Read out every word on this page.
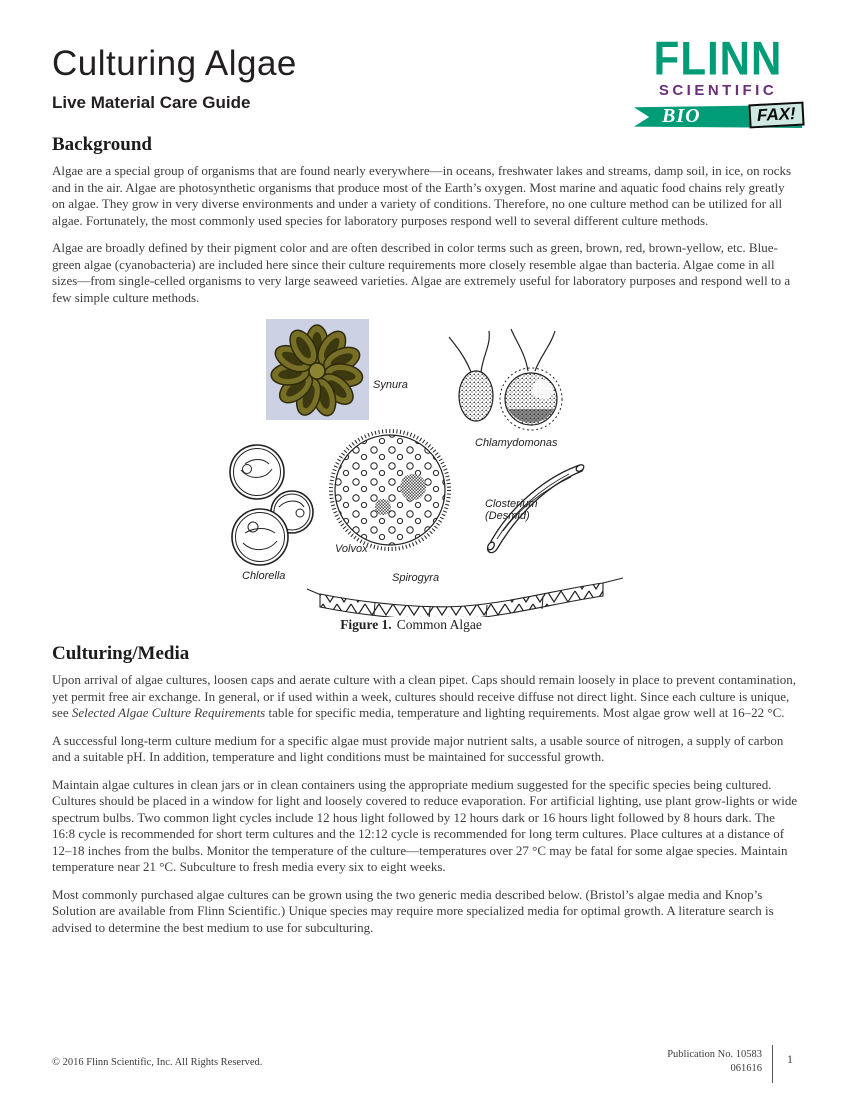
Culturing Algae
Live Material Care Guide
FLINN
SCIENTIFIC
BIO	FAX!
Background

Algae are a special group of organisms that are found nearly everywhere—in oceans, freshwater lakes and streams, damp soil, in ice, on rocks and in the air. Algae are photosynthetic organisms that produce most of the Earth’s oxygen. Most marine and aquatic food chains rely greatly on algae. They grow in very diverse environments and under a variety of conditions. Therefore, no one culture method can be utilized for all algae. Fortunately, the most commonly used species for laboratory purposes respond well to several different culture methods.

Algae are broadly defined by their pigment color and are often described in color terms such as green, brown, red, brown-yellow, etc. Blue-green algae (cyanobacteria) are included here since their culture requirements more closely resemble algae than bacteria. Algae come in all sizes—from single-celled organisms to very large seaweed varieties. Algae are extremely useful for laboratory purposes and respond well to a few simple culture methods.

Synura
Chlamydomonas
Chlorella
Volvox
Closterium
(Desmid)
Spirogyra
Figure 1. Common Algae
Culturing/Media

Upon arrival of algae cultures, loosen caps and aerate culture with a clean pipet. Caps should remain loosely in place to prevent contamination, yet permit free air exchange. In general, or if used within a week, cultures should receive diffuse not direct light. Since each culture is unique, see Selected Algae Culture Requirements table for specific media, temperature and lighting requirements. Most algae grow well at 16–22 °C.

A successful long-term culture medium for a specific algae must provide major nutrient salts, a usable source of nitrogen, a supply of carbon and a suitable pH. In addition, temperature and light conditions must be maintained for successful growth.

Maintain algae cultures in clean jars or in clean containers using the appropriate medium suggested for the specific species being cultured. Cultures should be placed in a window for light and loosely covered to reduce evaporation. For artificial lighting, use plant grow-lights or wide spectrum bulbs. Two common light cycles include 12 hous light followed by 12 hours dark or 16 hours light followed by 8 hours dark. The 16:8 cycle is recommended for short term cultures and the 12:12 cycle is recommended for long term cultures. Place cultures at a distance of 12–18 inches from the bulbs. Monitor the temperature of the culture—temperatures over 27 °C may be fatal for some algae species. Maintain temperature near 21 °C. Subculture to fresh media every six to eight weeks.

Most commonly purchased algae cultures can be grown using the two generic media described below. (Bristol’s algae media and Knop’s Solution are available from Flinn Scientific.) Unique species may require more specialized media for optimal growth. A literature search is advised to determine the best medium to use for subculturing.

© 2016 Flinn Scientific, Inc. All Rights Reserved.
Publication No. 10583
061616
1
